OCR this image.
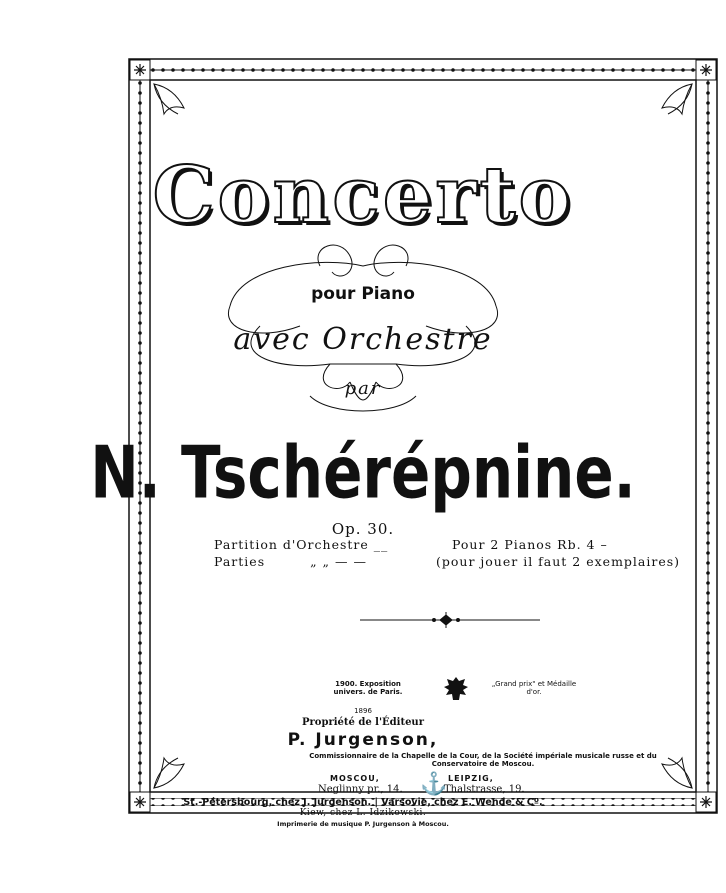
Concerto
pour Piano
avec Orchestre
par
N. Tschérépnine.
Op. 30.
Partition d'Orchestre __	Pour 2 Pianos Rb. 4 –
Parties	„ „ — —	(pour jouer il faut 2 exemplaires)
1900. Exposition univers. de Paris.
„Grand prix" et Médaille d'or.
1896
Propriété de l'Éditeur
P. Jurgenson,
Commissionnaire de la Chapelle de la Cour, de la Société impériale musicale russe et du Conservatoire de Moscou.
MOSCOU,
Neglinny pr., 14. ⚓ LEIPZIG,
Thalstrasse, 19.
St.-Pétersbourg, chez J. Jurgenson. | Varsovie, chez E. Wende & Cº.
Kiew, chez L. Idzikowski.
Imprimerie de musique P. Jurgenson à Moscou.
